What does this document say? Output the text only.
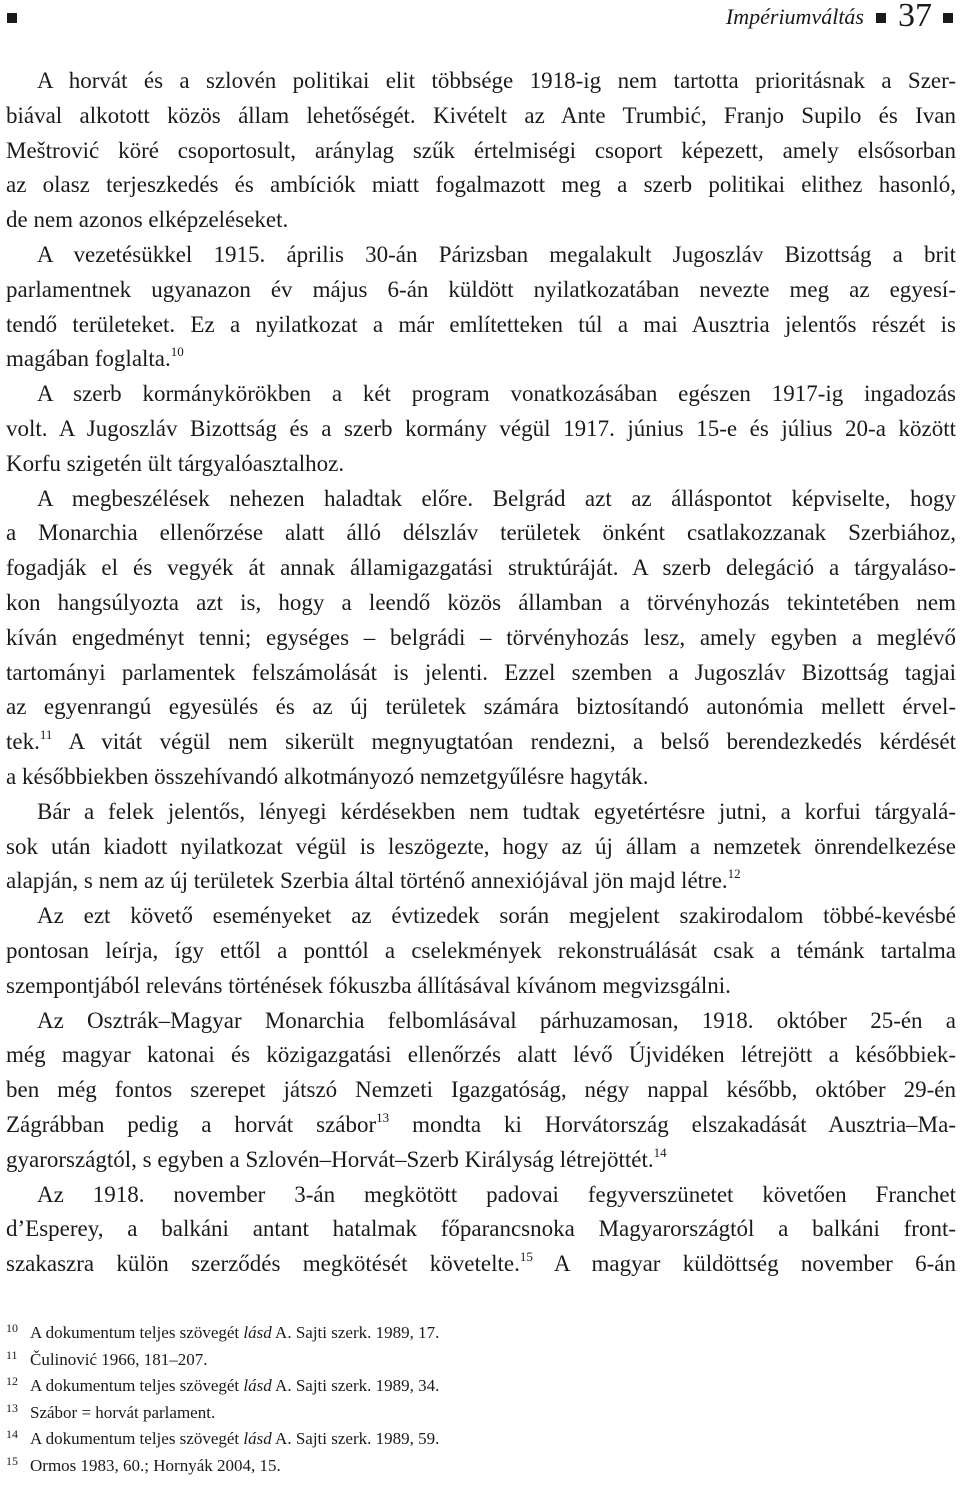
Impériumváltás 37
A horvát és a szlovén politikai elit többsége 1918-ig nem tartotta prioritásnak a Szer-
biával alkotott közös állam lehetőségét. Kivételt az Ante Trumbić, Franjo Supilo és Ivan
Meštrović köré csoportosult, aránylag szűk értelmiségi csoport képezett, amely elsősorban
az olasz terjeszkedés és ambíciók miatt fogalmazott meg a szerb politikai elithez hasonló,
de nem azonos elképzeléseket.
A vezetésükkel 1915. április 30-án Párizsban megalakult Jugoszláv Bizottság a brit
parlamentnek ugyanazon év május 6-án küldött nyilatkozatában nevezte meg az egyesí-
tendő területeket. Ez a nyilatkozat a már említetteken túl a mai Ausztria jelentős részét is
magában foglalta.$^{10}$
A szerb kormánykörökben a két program vonatkozásában egészen 1917-ig ingadozás
volt. A Jugoszláv Bizottság és a szerb kormány végül 1917. június 15-e és július 20-a között
Korfu szigetén ült tárgyalóasztalhoz.
A megbeszélések nehezen haladtak előre. Belgrád azt az álláspontot képviselte, hogy
a Monarchia ellenőrzése alatt álló délszláv területek önként csatlakozzanak Szerbiához,
fogadják el és vegyék át annak államigazgatási struktúráját. A szerb delegáció a tárgyaláso-
kon hangsúlyozta azt is, hogy a leendő közös államban a törvényhozás tekintetében nem
kíván engedményt tenni; egységes – belgrádi – törvényhozás lesz, amely egyben a meglévő
tartományi parlamentek felszámolását is jelenti. Ezzel szemben a Jugoszláv Bizottság tagjai
az egyenrangú egyesülés és az új területek számára biztosítandó autonómia mellett érvel-
tek.$^{11}$ A vitát végül nem sikerült megnyugtatóan rendezni, a belső berendezkedés kérdését
a későbbiekben összehívandó alkotmányozó nemzetgyűlésre hagyták.
Bár a felek jelentős, lényegi kérdésekben nem tudtak egyetértésre jutni, a korfui tárgyalá-
sok után kiadott nyilatkozat végül is leszögezte, hogy az új állam a nemzetek önrendelkezése
alapján, s nem az új területek Szerbia által történő annexiójával jön majd létre.$^{12}$
Az ezt követő eseményeket az évtizedek során megjelent szakirodalom többé-kevésbé
pontosan leírja, így ettől a ponttól a cselekmények rekonstruálását csak a témánk tartalma
szempontjából releváns történések fókuszba állításával kívánom megvizsgálni.
Az Osztrák–Magyar Monarchia felbomlásával párhuzamosan, 1918. október 25-én a
még magyar katonai és közigazgatási ellenőrzés alatt lévő Újvidéken létrejött a későbbiek-
ben még fontos szerepet játszó Nemzeti Igazgatóság, négy nappal később, október 29-én
Zágrábban pedig a horvát szábor$^{13}$ mondta ki Horvátország elszakadását Ausztria–Ma-
gyarországtól, s egyben a Szlovén–Horvát–Szerb Királyság létrejöttét.$^{14}$
Az 1918. november 3-án megkötött padovai fegyverszünetet követően Franchet
d’Esperey, a balkáni antant hatalmak főparancsnoka Magyarországtól a balkáni front-
szakaszra külön szerződés megkötését követelte.$^{15}$ A magyar küldöttség november 6-án
10 A dokumentum teljes szövegét lásd A. Sajti szerk. 1989, 17.
11 Čulinović 1966, 181–207.
12 A dokumentum teljes szövegét lásd A. Sajti szerk. 1989, 34.
13 Szábor = horvát parlament.
14 A dokumentum teljes szövegét lásd A. Sajti szerk. 1989, 59.
15 Ormos 1983, 60.; Hornyák 2004, 15.
